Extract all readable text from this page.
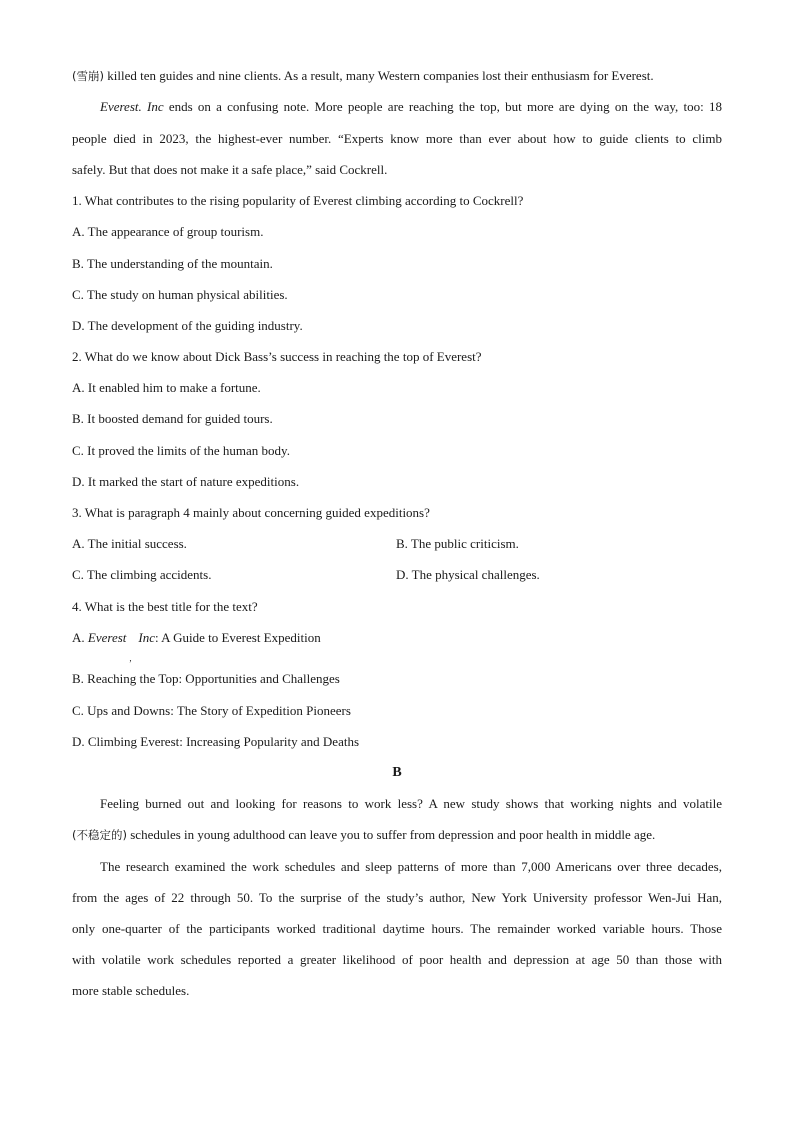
(雪崩) killed ten guides and nine clients. As a result, many Western companies lost their enthusiasm for Everest.
Everest. Inc ends on a confusing note. More people are reaching the top, but more are dying on the way, too: 18
people died in 2023, the highest-ever number. “Experts know more than ever about how to guide clients to climb
safely. But that does not make it a safe place,” said Cockrell.
1. What contributes to the rising popularity of Everest climbing according to Cockrell?
A. The appearance of group tourism.
B. The understanding of the mountain.
C. The study on human physical abilities.
D. The development of the guiding industry.
2. What do we know about Dick Bass’s success in reaching the top of Everest?
A. It enabled him to make a fortune.
B. It boosted demand for guided tours.
C. It proved the limits of the human body.
D. It marked the start of nature expeditions.
3. What is paragraph 4 mainly about concerning guided expeditions?
A. The initial success.	B. The public criticism.
C. The climbing accidents.	D. The physical challenges.
4. What is the best title for the text?
A. Everest
,
Inc: A Guide to Everest Expedition
B. Reaching the Top: Opportunities and Challenges
C. Ups and Downs: The Story of Expedition Pioneers
D. Climbing Everest: Increasing Popularity and Deaths
B
Feeling burned out and looking for reasons to work less? A new study shows that working nights and volatile
(不稳定的) schedules in young adulthood can leave you to suffer from depression and poor health in middle age.
The research examined the work schedules and sleep patterns of more than 7,000 Americans over three decades,
from the ages of 22 through 50. To the surprise of the study’s author, New York University professor Wen-Jui Han,
only one-quarter of the participants worked traditional daytime hours. The remainder worked variable hours. Those
with volatile work schedules reported a greater likelihood of poor health and depression at age 50 than those with
more stable schedules.
